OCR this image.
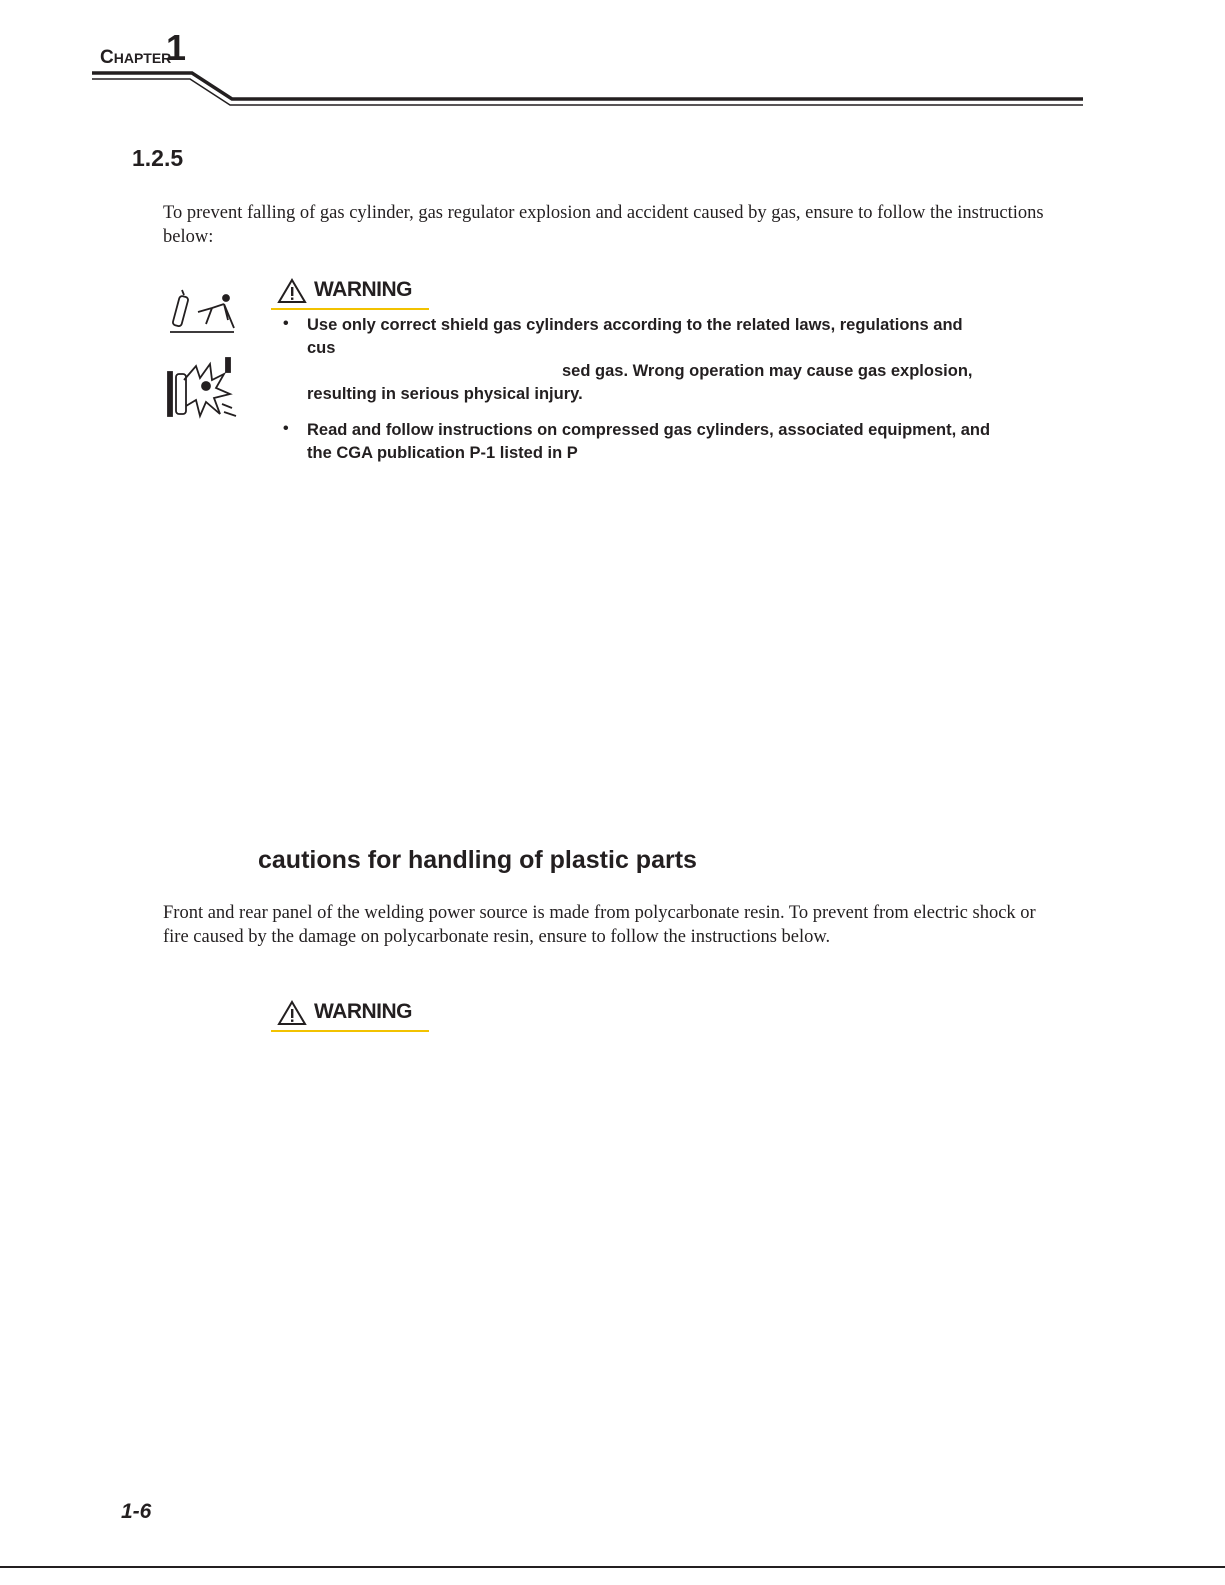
CHAPTER
1
1.2.5
To prevent falling of gas cylinder, gas regulator explosion and accident caused by gas, ensure to follow the instructions below:
WARNING
• Use only correct shield gas cylinders according to the related laws, regulations and
cus
sed gas. Wrong operation may cause gas explosion,
resulting in serious physical injury.
• Read and follow instructions on compressed gas cylinders, associated equipment, and
the CGA publication P-1 listed in P
cautions for handling of plastic parts
Front and rear panel of the welding power source is made from polycarbonate resin. To prevent from electric shock or fire caused by the damage on polycarbonate resin, ensure to follow the instructions below.
WARNING
1-6
